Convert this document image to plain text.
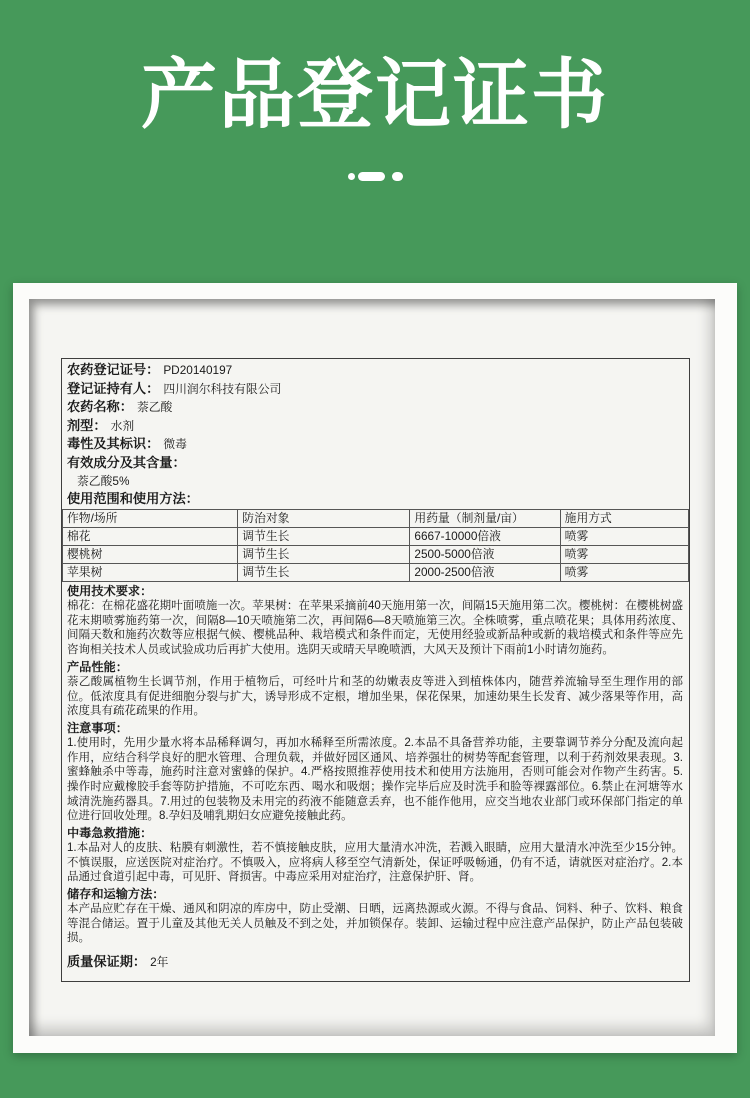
产品登记证书
农药登记证号： PD20140197
登记证持有人： 四川润尔科技有限公司
农药名称： 萘乙酸
剂型： 水剂
毒性及其标识： 微毒
有效成分及其含量：
萘乙酸5%
使用范围和使用方法：
作物/场所	防治对象	用药量（制剂量/亩）	施用方式
棉花	调节生长	6667-10000倍液	喷雾
樱桃树	调节生长	2500-5000倍液	喷雾
苹果树	调节生长	2000-2500倍液	喷雾
使用技术要求：
棉花：在棉花盛花期叶面喷施一次。苹果树：在苹果采摘前40天施用第一次，间隔15天施用第二次。樱桃树：在樱桃树盛花末期喷雾施药第一次，间隔8—10天喷施第二次，再间隔6—8天喷施第三次。全株喷雾，重点喷花果；具体用药浓度、间隔天数和施药次数等应根据气候、樱桃品种、栽培模式和条件而定，无使用经验或新品种或新的栽培模式和条件等应先咨询相关技术人员或试验成功后再扩大使用。选阴天或晴天早晚喷洒，大风天及预计下雨前1小时请勿施药。
产品性能：
萘乙酸属植物生长调节剂，作用于植物后，可经叶片和茎的幼嫩表皮等进入到植株体内，随营养流输导至生理作用的部位。低浓度具有促进细胞分裂与扩大，诱导形成不定根，增加坐果，保花保果，加速幼果生长发育、减少落果等作用，高浓度具有疏花疏果的作用。
注意事项：
1.使用时，先用少量水将本品稀释调匀，再加水稀释至所需浓度。2.本品不具备营养功能，主要靠调节养分分配及流向起作用，应结合科学良好的肥水管理、合理负载，并做好园区通风、培养强壮的树势等配套管理，以利于药剂效果表现。3.蜜蜂触杀中等毒，施药时注意对蜜蜂的保护。4.严格按照推荐使用技术和使用方法施用，否则可能会对作物产生药害。5.操作时应戴橡胶手套等防护措施，不可吃东西、喝水和吸烟；操作完毕后应及时洗手和脸等裸露部位。6.禁止在河塘等水域清洗施药器具。7.用过的包装物及未用完的药液不能随意丢弃，也不能作他用，应交当地农业部门或环保部门指定的单位进行回收处理。8.孕妇及哺乳期妇女应避免接触此药。
中毒急救措施：
1.本品对人的皮肤、粘膜有刺激性，若不慎接触皮肤，应用大量清水冲洗，若溅入眼睛，应用大量清水冲洗至少15分钟。不慎误服，应送医院对症治疗。不慎吸入，应将病人移至空气清新处，保证呼吸畅通，仍有不适，请就医对症治疗。2.本品通过食道引起中毒，可见肝、肾损害。中毒应采用对症治疗，注意保护肝、肾。
储存和运输方法：
本产品应贮存在干燥、通风和阴凉的库房中，防止受潮、日晒，远离热源或火源。不得与食品、饲料、种子、饮料、粮食等混合储运。置于儿童及其他无关人员触及不到之处，并加锁保存。装卸、运输过程中应注意产品保护，防止产品包装破损。
质量保证期： 2年
